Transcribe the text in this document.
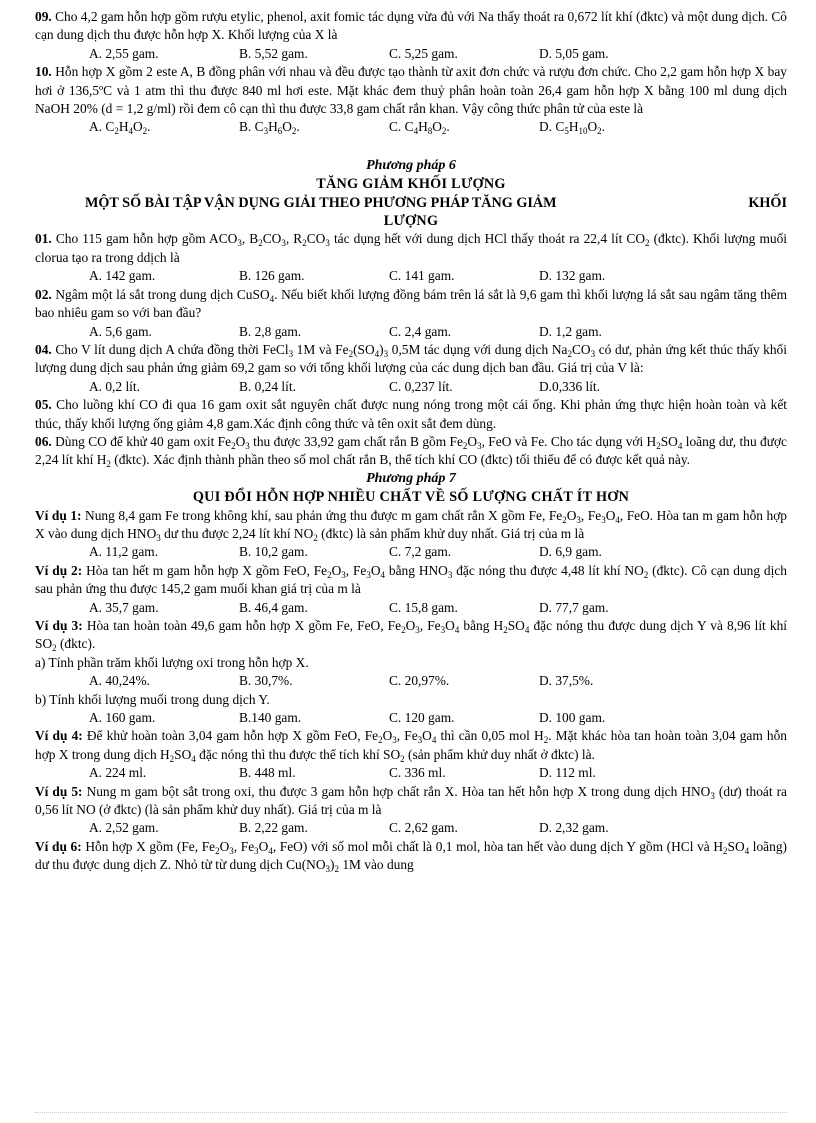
09. Cho 4,2 gam hỗn hợp gồm rượu etylic, phenol, axit fomic tác dụng vừa đủ với Na thấy thoát ra 0,672 lít khí (đktc) và một dung dịch. Cô cạn dung dịch thu được hỗn hợp X. Khối lượng của X là

A. 2,55 gam.	B. 5,52 gam.	C. 5,25 gam.	D. 5,05 gam.

10. Hỗn hợp X gồm 2 este A, B đồng phân với nhau và đều được tạo thành từ axit đơn chức và rượu đơn chức. Cho 2,2 gam hỗn hợp X bay hơi ở 136,5ºC và 1 atm thì thu được 840 ml hơi este. Mặt khác đem thuỷ phân hoàn toàn 26,4 gam hỗn hợp X bằng 100 ml dung dịch NaOH 20% (d = 1,2 g/ml) rồi đem cô cạn thì thu được 33,8 gam chất rắn khan. Vậy công thức phân tử của este là

A. $C_2H_4O_2$.	B. $C_3H_6O_2$.	C. $C_4H_8O_2$.	D. $C_5H_{10}O_2$.
Phương pháp 6
TĂNG GIẢM KHỐI LƯỢNG
MỘT SỐ BÀI TẬP VẬN DỤNG GIẢI THEO PHƯƠNG PHÁP TĂNG GIẢM	KHỐI
LƯỢNG

01. Cho 115 gam hỗn hợp gồm $ACO_3$, $B_2CO_3$, $R_2CO_3$ tác dụng hết với dung dịch HCl thấy thoát ra 22,4 lít $CO_2$ (đktc). Khối lượng muối clorua tạo ra trong ddịch là

A. 142 gam.	B. 126 gam.	C. 141 gam.	D. 132 gam.

02. Ngâm một lá sắt trong dung dịch CuSO$_4$. Nếu biết khối lượng đồng bám trên lá sắt là 9,6 gam thì khối lượng lá sắt sau ngâm tăng thêm bao nhiêu gam so với ban đầu?

A. 5,6 gam.	B. 2,8 gam.	C. 2,4 gam.	D. 1,2 gam.

04. Cho V lít dung dịch A chứa đồng thời FeCl$_3$ 1M và $Fe_2(SO_4)_3$ 0,5M tác dụng với dung dịch $Na_2CO_3$ có dư, phản ứng kết thúc thấy khối lượng dung dịch sau phản ứng giảm 69,2 gam so với tổng khối lượng của các dung dịch ban đầu. Giá trị của V là:

A. 0,2 lít.	B. 0,24 lít.	C. 0,237 lít.	D.0,336 lít.

05. Cho luồng khí CO đi qua 16 gam oxit sắt nguyên chất được nung nóng trong một cái ống. Khi phản ứng thực hiện hoàn toàn và kết thúc, thấy khối lượng ống giảm 4,8 gam.Xác định công thức và tên oxit sắt đem dùng.

06. Dùng CO để khử 40 gam oxit $Fe_2O_3$ thu được 33,92 gam chất rắn B gồm $Fe_2O_3$, FeO và Fe. Cho tác dụng với $H_2SO_4$ loãng dư, thu được 2,24 lít khí $H_2$ (đktc). Xác định thành phần theo số mol chất rắn B, thể tích khí CO (đktc) tối thiểu để có được kết quả này.

Phương pháp 7
QUI ĐỔI HỖN HỢP NHIỀU CHẤT VỀ SỐ LƯỢNG CHẤT ÍT HƠN

Ví dụ 1: Nung 8,4 gam Fe trong không khí, sau phản ứng thu được m gam chất rắn X gồm Fe, $Fe_2O_3$, $Fe_3O_4$, FeO. Hòa tan m gam hỗn hợp X vào dung dịch $HNO_3$ dư thu được 2,24 lít khí $NO_2$ (đktc) là sản phẩm khử duy nhất. Giá trị của m là

A. 11,2 gam.	B. 10,2 gam.	C. 7,2 gam.	D. 6,9 gam.

Ví dụ 2: Hòa tan hết m gam hỗn hợp X gồm FeO, $Fe_2O_3$, $Fe_3O_4$ bằng $HNO_3$ đặc nóng thu được 4,48 lít khí $NO_2$ (đktc). Cô cạn dung dịch sau phản ứng thu được 145,2 gam muối khan giá trị của m là

A. 35,7 gam.	B. 46,4 gam.	C. 15,8 gam.	D. 77,7 gam.

Ví dụ 3: Hòa tan hoàn toàn 49,6 gam hỗn hợp X gồm Fe, FeO, $Fe_2O_3$, $Fe_3O_4$ bằng $H_2SO_4$ đặc nóng thu được dung dịch Y và 8,96 lít khí $SO_2$ (đktc).

a) Tính phần trăm khối lượng oxi trong hỗn hợp X.

A. 40,24%.	B. 30,7%.	C. 20,97%.	D. 37,5%.

b) Tính khối lượng muối trong dung dịch Y.

A. 160 gam.	B.140 gam.	C. 120 gam.	D. 100 gam.

Ví dụ 4: Để khử hoàn toàn 3,04 gam hỗn hợp X gồm FeO, $Fe_2O_3$, $Fe_3O_4$ thì cần 0,05 mol $H_2$. Mặt khác hòa tan hoàn toàn 3,04 gam hỗn hợp X trong dung dịch $H_2SO_4$ đặc nóng thì thu được thể tích khí $SO_2$ (sản phẩm khử duy nhất ở đktc) là.

A. 224 ml.	B. 448 ml.	C. 336 ml.	D. 112 ml.

Ví dụ 5: Nung m gam bột sắt trong oxi, thu được 3 gam hỗn hợp chất rắn X. Hòa tan hết hỗn hợp X trong dung dịch $HNO_3$ (dư) thoát ra 0,56 lít NO (ở đktc) (là sản phẩm khử duy nhất). Giá trị của m là

A. 2,52 gam.	B. 2,22 gam.	C. 2,62 gam.	D. 2,32 gam.

Ví dụ 6: Hỗn hợp X gồm (Fe, $Fe_2O_3$, $Fe_3O_4$, FeO) với số mol mỗi chất là 0,1 mol, hòa tan hết vào dung dịch Y gồm (HCl và $H_2SO_4$ loãng) dư thu được dung dịch Z. Nhỏ từ từ dung dịch $Cu(NO_3)_2$ 1M vào dung
